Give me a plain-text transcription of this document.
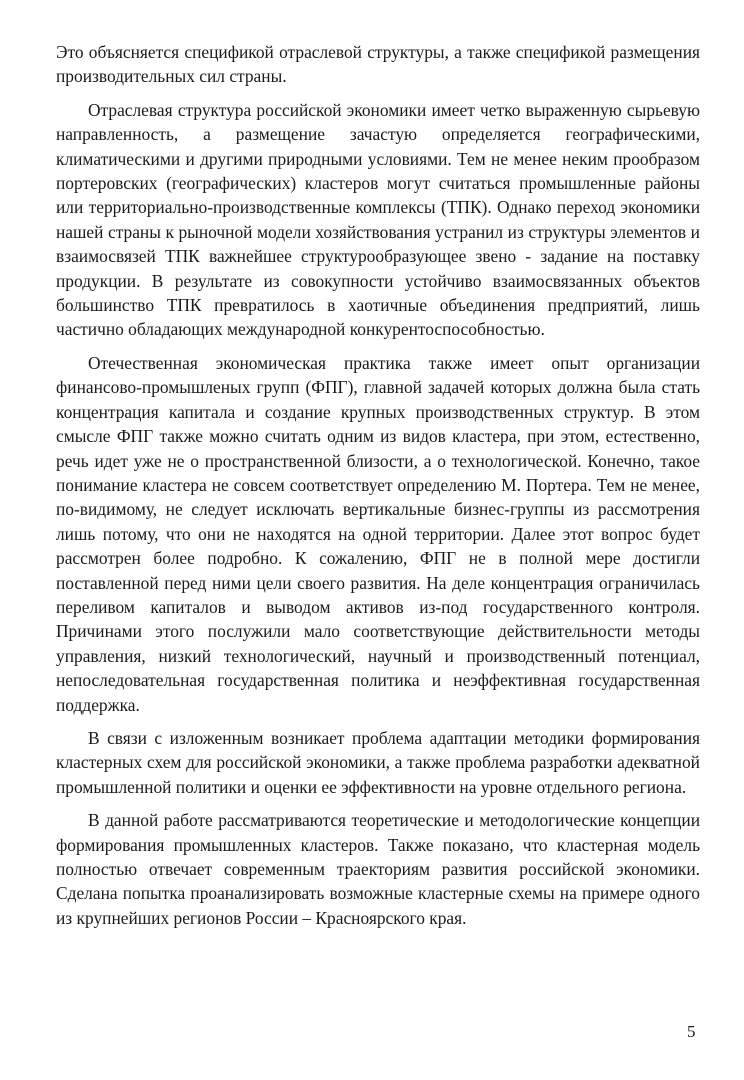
Это объясняется спецификой отраслевой структуры, а также спецификой размещения производительных сил страны.

Отраслевая структура российской экономики имеет четко выраженную сырьевую направленность, а размещение зачастую определяется географическими, климатическими и другими природными условиями. Тем не менее неким прообразом портеровских (географических) кластеров могут считаться промышленные районы или территориально-производственные комплексы (ТПК). Однако переход экономики нашей страны к рыночной модели хозяйствования устранил из структуры элементов и взаимосвязей ТПК важнейшее структурообразующее звено - задание на поставку продукции. В результате из совокупности устойчиво взаимосвязанных объектов большинство ТПК превратилось в хаотичные объединения предприятий, лишь частично обладающих международной конкурентоспособностью.

Отечественная экономическая практика также имеет опыт организации финансово-промышленых групп (ФПГ), главной задачей которых должна была стать концентрация капитала и создание крупных производственных структур. В этом смысле ФПГ также можно считать одним из видов кластера, при этом, естественно, речь идет уже не о пространственной близости, а о технологической. Конечно, такое понимание кластера не совсем соответствует определению М. Портера. Тем не менее, по-видимому, не следует исключать вертикальные бизнес-группы из рассмотрения лишь потому, что они не находятся на одной территории. Далее этот вопрос будет рассмотрен более подробно. К сожалению, ФПГ не в полной мере достигли поставленной перед ними цели своего развития. На деле концентрация ограничилась переливом капиталов и выводом активов из-под государственного контроля. Причинами этого послужили мало соответствующие действительности методы управления, низкий технологический, научный и производственный потенциал, непоследовательная государственная политика и неэффективная государственная поддержка.

В связи с изложенным возникает проблема адаптации методики формирования кластерных схем для российской экономики, а также проблема разработки адекватной промышленной политики и оценки ее эффективности на уровне отдельного региона.

В данной работе рассматриваются теоретические и методологические концепции формирования промышленных кластеров. Также показано, что кластерная модель полностью отвечает современным траекториям развития российской экономики. Сделана попытка проанализировать возможные кластерные схемы на примере одного из крупнейших регионов России – Красноярского края.

5
